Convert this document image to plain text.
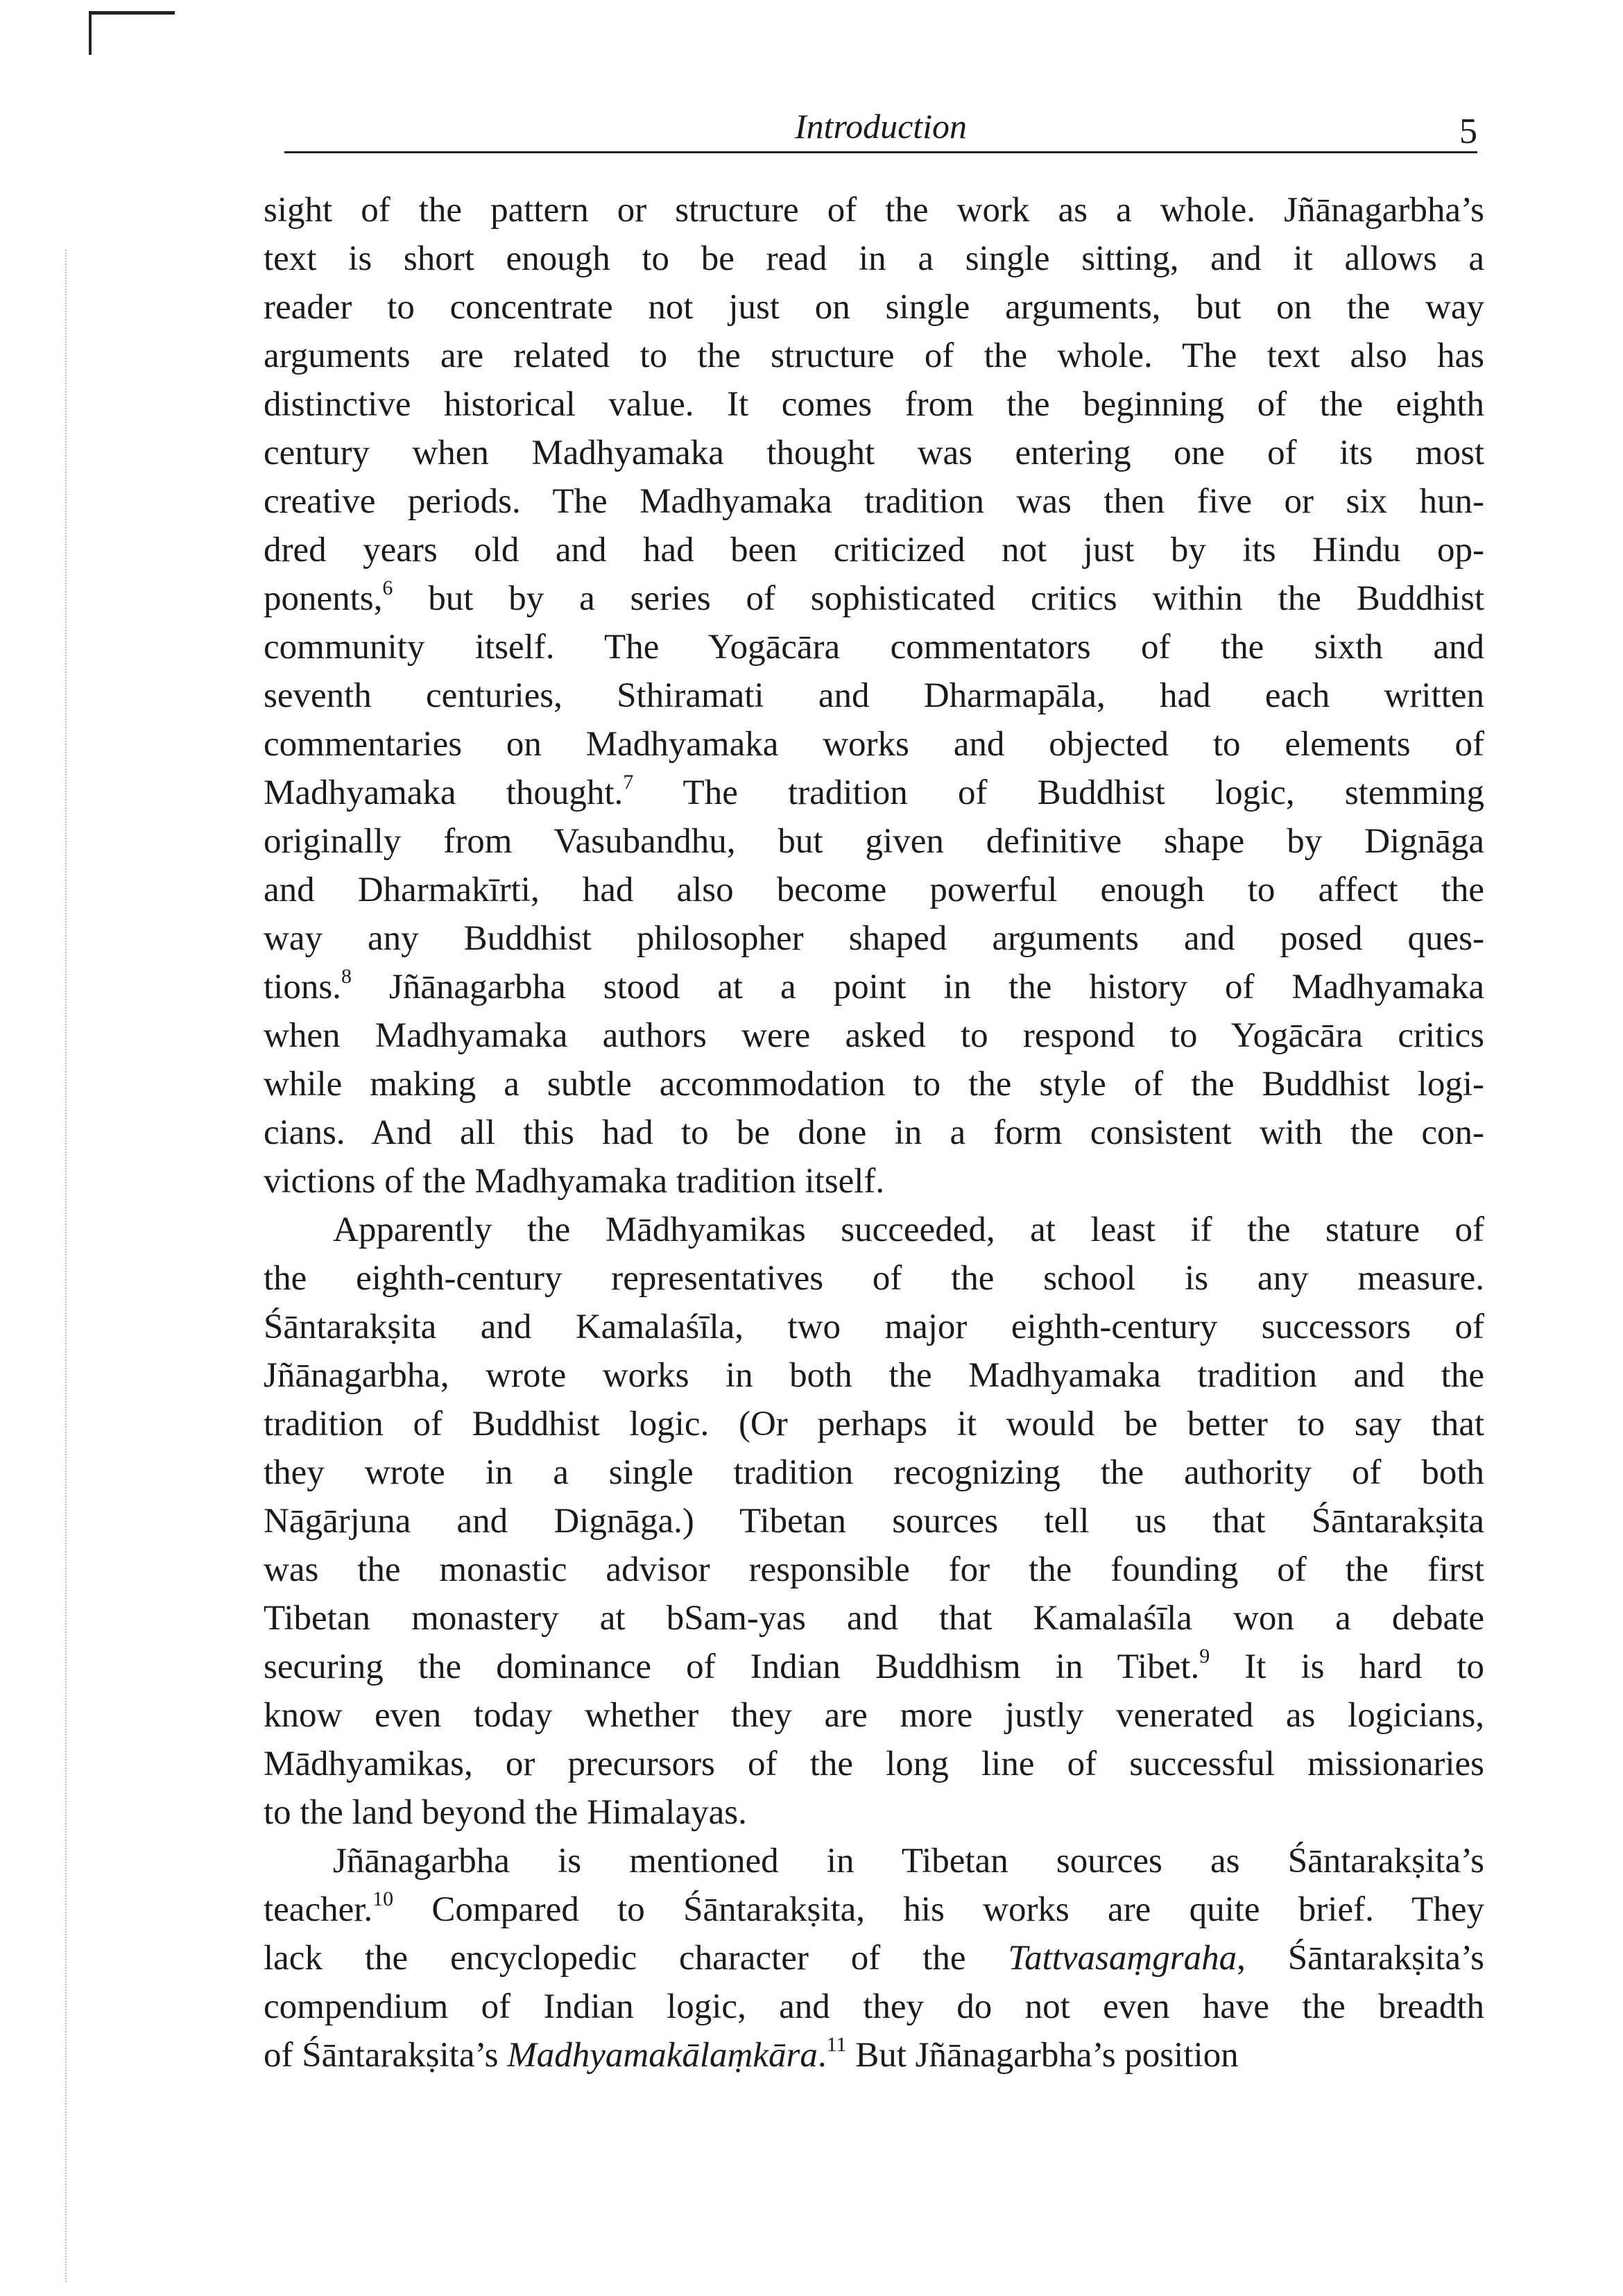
Introduction	5
sight of the pattern or structure of the work as a whole. Jñānagarbha’s
text is short enough to be read in a single sitting, and it allows a
reader to concentrate not just on single arguments, but on the way
arguments are related to the structure of the whole. The text also has
distinctive historical value. It comes from the beginning of the eighth
century when Madhyamaka thought was entering one of its most
creative periods. The Madhyamaka tradition was then five or six hun-
dred years old and had been criticized not just by its Hindu op-
ponents,$^6$ but by a series of sophisticated critics within the Buddhist
community itself. The Yogācāra commentators of the sixth and
seventh centuries, Sthiramati and Dharmapāla, had each written
commentaries on Madhyamaka works and objected to elements of
Madhyamaka thought.$^7$ The tradition of Buddhist logic, stemming
originally from Vasubandhu, but given definitive shape by Dignāga
and Dharmakīrti, had also become powerful enough to affect the
way any Buddhist philosopher shaped arguments and posed ques-
tions.$^8$ Jñānagarbha stood at a point in the history of Madhyamaka
when Madhyamaka authors were asked to respond to Yogācāra critics
while making a subtle accommodation to the style of the Buddhist logi-
cians. And all this had to be done in a form consistent with the con-
victions of the Madhyamaka tradition itself.
Apparently the Mādhyamikas succeeded, at least if the stature of
the eighth-century representatives of the school is any measure.
Śāntarakṣita and Kamalaśīla, two major eighth-century successors of
Jñānagarbha, wrote works in both the Madhyamaka tradition and the
tradition of Buddhist logic. (Or perhaps it would be better to say that
they wrote in a single tradition recognizing the authority of both
Nāgārjuna and Dignāga.) Tibetan sources tell us that Śāntarakṣita
was the monastic advisor responsible for the founding of the first
Tibetan monastery at bSam-yas and that Kamalaśīla won a debate
securing the dominance of Indian Buddhism in Tibet.$^9$ It is hard to
know even today whether they are more justly venerated as logicians,
Mādhyamikas, or precursors of the long line of successful missionaries
to the land beyond the Himalayas.
Jñānagarbha is mentioned in Tibetan sources as Śāntarakṣita’s
teacher.$^{10}$ Compared to Śāntarakṣita, his works are quite brief. They
lack the encyclopedic character of the Tattvasaṃgraha, Śāntarakṣita’s
compendium of Indian logic, and they do not even have the breadth
of Śāntarakṣita’s Madhyamakālaṃkāra.$^{11}$ But Jñānagarbha’s position
